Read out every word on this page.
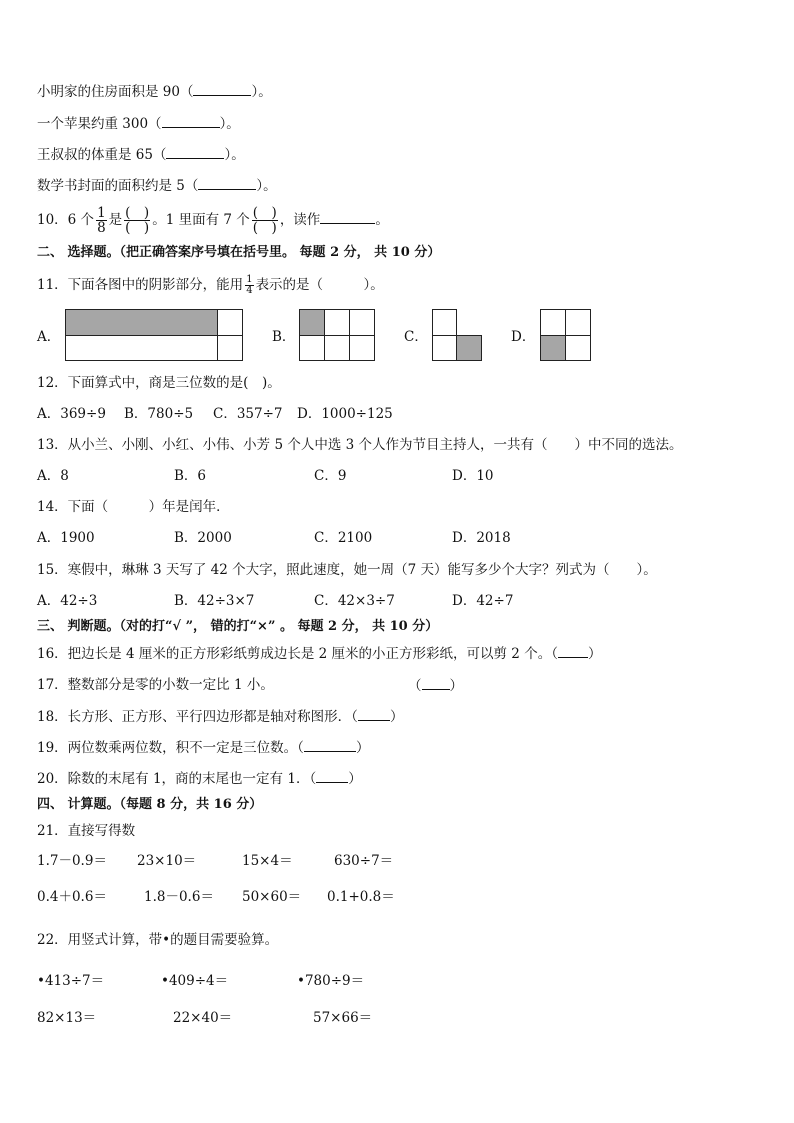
小明家的住房面积是 90（	）。
一个苹果约重 300（	）。
王叔叔的体重是 65（	）。
数学书封面的面积约是 5（	）。
10．6 个 $\frac{1}{8}$ 是 $\frac{( )}{( )}$ 。1 里面有 7 个 $\frac{( )}{( )}$ ，读作	。
二、 选择题。（把正确答案序号填在括号里。 每题 2 分， 共 10 分）
11．下面各图中的阴影部分，能用 $\frac{1}{4}$ 表示的是（　　　）。
A．	B．	C．	D．
12．下面算式中，商是三位数的是(　)。
A．369÷9 B．780÷5 C．357÷7 D．1000÷125
13．从小兰、小刚、小红、小伟、小芳 5 个人中选 3 个人作为节目主持人，一共有（　　）中不同的选法。
A．8	B．6	C．9	D．10
14．下面（　　　）年是闰年．
A．1900	B．2000	C．2100	D．2018
15．寒假中，琳琳 3 天写了 42 个大字，照此速度，她一周（7 天）能写多少个大字？列式为（　　）。
A．42÷3	B．42÷3×7	C．42×3÷7	D．42÷7
三、 判断题。（对的打“√ ”， 错的打“×” 。 每题 2 分， 共 10 分）
16．把边长是 4 厘米的正方形彩纸剪成边长是 2 厘米的小正方形彩纸，可以剪 2 个。（ ）
17．整数部分是零的小数一定比 1 小。	（ ）
18．长方形、正方形、平行四边形都是轴对称图形．（ ）
19．两位数乘两位数，积不一定是三位数。（	）
20．除数的末尾有 1，商的末尾也一定有 1．（ ）
四、 计算题。（每题 8 分，共 16 分）
21．直接写得数
1.7－0.9＝ 23×10＝	15×4＝	630÷7＝
0.4＋0.6＝	1.8－0.6＝ 50×60＝ 0.1+0.8＝
22．用竖式计算，带•的题目需要验算。
•413÷7＝	•409÷4＝	•780÷9＝
82×13＝	22×40＝	57×66＝
